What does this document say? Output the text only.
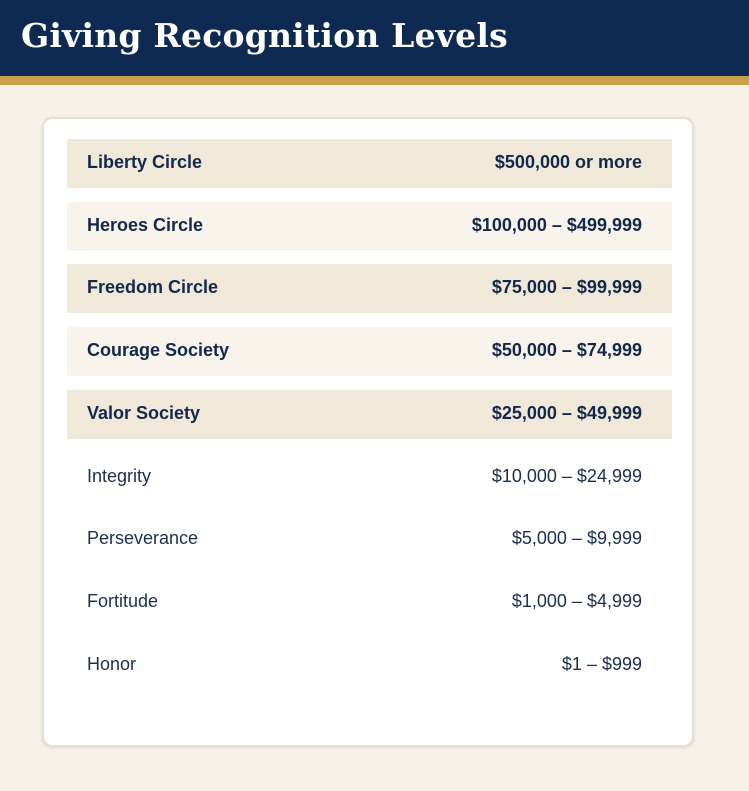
Giving Recognition Levels
Liberty Circle	$500,000 or more
Heroes Circle	$100,000 – $499,999
Freedom Circle	$75,000 – $99,999
Courage Society	$50,000 – $74,999
Valor Society	$25,000 – $49,999
Integrity	$10,000 – $24,999
Perseverance	$5,000 – $9,999
Fortitude	$1,000 – $4,999
Honor	$1 – $999
